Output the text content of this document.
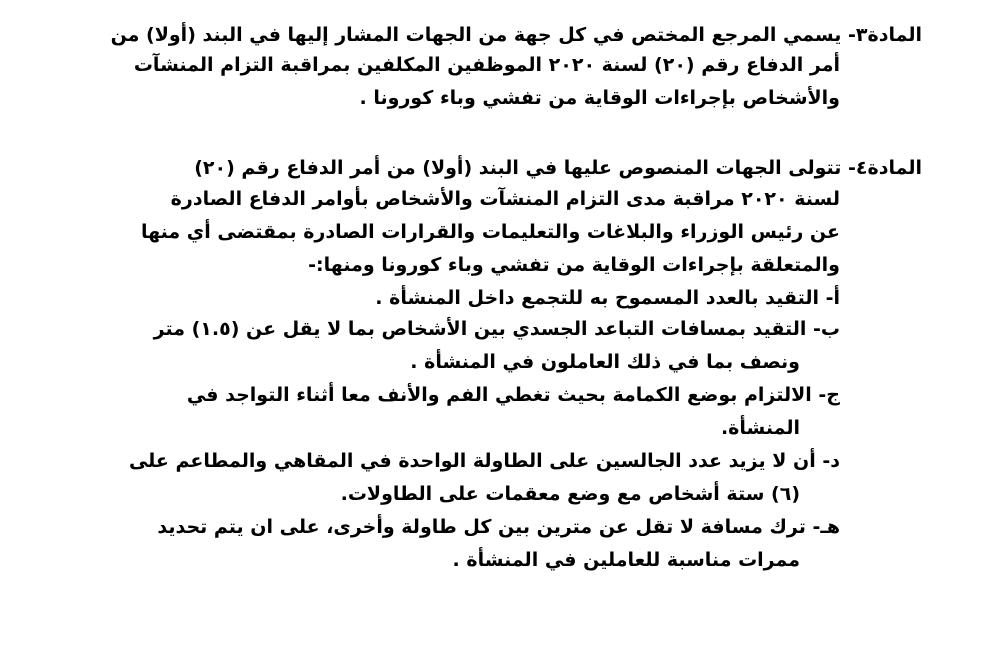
المادة٣- يسمي المرجع المختص في كل جهة من الجهات المشار إليها في البند (أولا) من

أمر الدفاع رقم (٢٠) لسنة ٢٠٢٠ الموظفين المكلفين بمراقبة التزام المنشآت

والأشخاص بإجراءات الوقاية من تفشي وباء كورونا .

المادة٤- تتولى الجهات المنصوص عليها في البند (أولا) من أمر الدفاع رقم (٢٠)

لسنة ٢٠٢٠ مراقبة مدى التزام المنشآت والأشخاص بأوامر الدفاع الصادرة

عن رئيس الوزراء والبلاغات والتعليمات والقرارات الصادرة بمقتضى أي منها

والمتعلقة بإجراءات الوقاية من تفشي وباء كورونا ومنها:-

أ- التقيد بالعدد المسموح به للتجمع داخل المنشأة .

ب- التقيد بمسافات التباعد الجسدي بين الأشخاص بما لا يقل عن (١.٥) متر

ونصف بما في ذلك العاملون في المنشأة .

ج- الالتزام بوضع الكمامة بحيث تغطي الفم والأنف معا أثناء التواجد في

المنشأة.

د- أن لا يزيد عدد الجالسين على الطاولة الواحدة في المقاهي والمطاعم على

(٦) ستة أشخاص مع وضع معقمات على الطاولات.

هـ- ترك مسافة لا تقل عن مترين بين كل طاولة وأخرى، على ان يتم تحديد

ممرات مناسبة للعاملين في المنشأة .
